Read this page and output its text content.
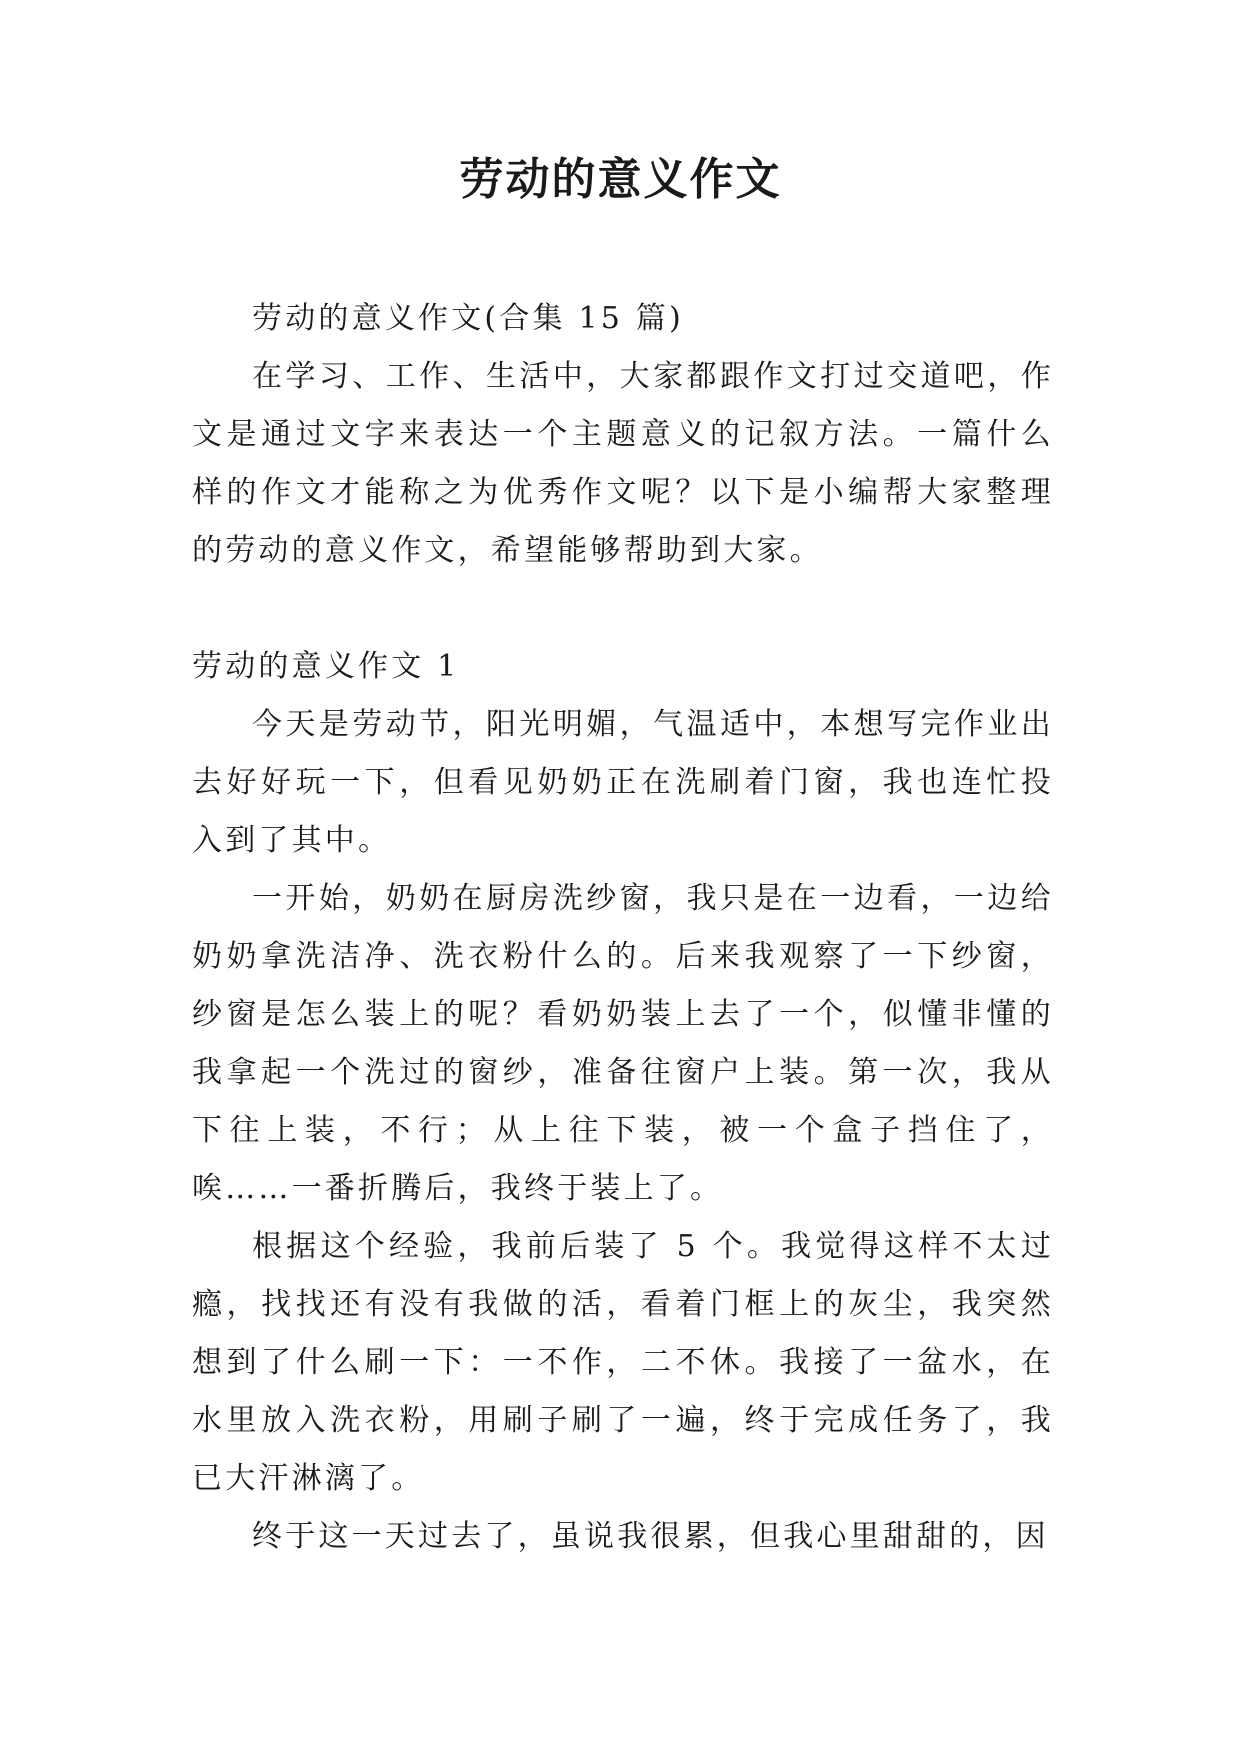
劳动的意义作文

劳动的意义作文(合集 15 篇)

在学习、工作、生活中，大家都跟作文打过交道吧，作文是通过文字来表达一个主题意义的记叙方法。一篇什么样的作文才能称之为优秀作文呢？以下是小编帮大家整理的劳动的意义作文，希望能够帮助到大家。

劳动的意义作文 1

今天是劳动节，阳光明媚，气温适中，本想写完作业出去好好玩一下，但看见奶奶正在洗刷着门窗，我也连忙投入到了其中。

一开始，奶奶在厨房洗纱窗，我只是在一边看，一边给奶奶拿洗洁净、洗衣粉什么的。后来我观察了一下纱窗，纱窗是怎么装上的呢？看奶奶装上去了一个，似懂非懂的我拿起一个洗过的窗纱，准备往窗户上装。第一次，我从下往上装，不行；从上往下装，被一个盒子挡住了，唉……一番折腾后，我终于装上了。

根据这个经验，我前后装了 5 个。我觉得这样不太过瘾，找找还有没有我做的活，看着门框上的灰尘，我突然想到了什么刷一下：一不作，二不休。我接了一盆水，在水里放入洗衣粉，用刷子刷了一遍，终于完成任务了，我已大汗淋漓了。

终于这一天过去了，虽说我很累，但我心里甜甜的，因
